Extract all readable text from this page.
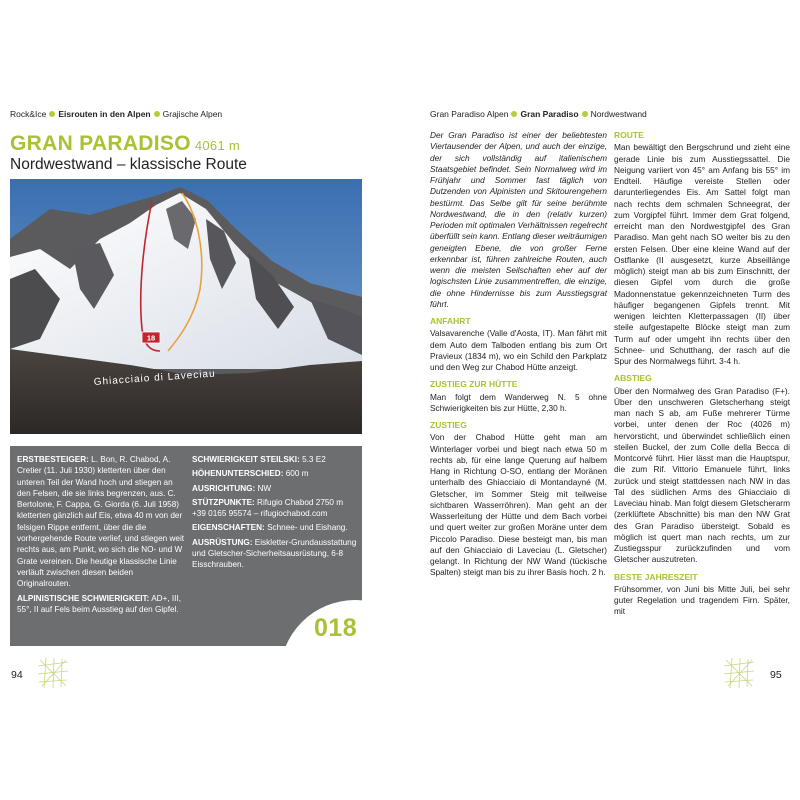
Rock&Ice Eisrouten in den Alpen Grajische Alpen
GRAN PARADISO 4061 m
Nordwestwand – klassische Route
18
Ghiacciaio di Laveciau

ERSTBESTEIGER: L. Bon, R. Chabod, A. Cretier (11. Juli 1930) kletterten über den unteren Teil der Wand hoch und stiegen an den Felsen, die sie links begrenzen, aus. C. Bertolone, F. Cappa, G. Giorda (6. Juli 1958) kletterten gänzlich auf Eis, etwa 40 m von der felsigen Rippe entfernt, über die die vorhergehende Route verlief, und stiegen weit rechts aus, am Punkt, wo sich die NO- und W Grate vereinen. Die heutige klassische Linie verläuft zwischen diesen beiden Originalrouten.

ALPINISTISCHE SCHWIERIGKEIT: AD+, III, 55°, II auf Fels beim Ausstieg auf den Gipfel.

SCHWIERIGKEIT STEILSKI: 5.3 E2

HÖHENUNTERSCHIED: 600 m

AUSRICHTUNG: NW

STÜTZPUNKTE: Rifugio Chabod 2750 m +39 0165 95574 – rifugiochabod.com

EIGENSCHAFTEN: Schnee- und Eishang.

AUSRÜSTUNG: Eiskletter-Grundausstattung und Gletscher-Sicherheitsausrüstung, 6-8 Eisschrauben.

018
94
Gran Paradiso Alpen Gran Paradiso Nordwestwand

Der Gran Paradiso ist einer der beliebtesten Viertausender der Alpen, und auch der einzige, der sich vollständig auf italienischem Staatsgebiet befindet. Sein Normalweg wird im Frühjahr und Sommer fast täglich von Dutzenden von Alpinisten und Skitourengehern bestürmt. Das Selbe gilt für seine berühmte Nordwestwand, die in den (relativ kurzen) Perioden mit optimalen Verhältnissen regelrecht überfüllt sein kann. Entlang dieser weiträumigen geneigten Ebene, die von großer Ferne erkennbar ist, führen zahlreiche Routen, auch wenn die meisten Seilschaften eher auf der logischsten Linie zusammentreffen, die einzige, die ohne Hindernisse bis zum Ausstiegsgrat führt.

ANFAHRT

Valsavarenche (Valle d'Aosta, IT). Man fährt mit dem Auto dem Talboden entlang bis zum Ort Pravieux (1834 m), wo ein Schild den Parkplatz und den Weg zur Chabod Hütte anzeigt.

ZUSTIEG ZUR HÜTTE

Man folgt dem Wanderweg N. 5 ohne Schwierigkeiten bis zur Hütte, 2,30 h.

ZUSTIEG

Von der Chabod Hütte geht man am Winterlager vorbei und biegt nach etwa 50 m rechts ab, für eine lange Querung auf halbem Hang in Richtung O-SO, entlang der Moränen unterhalb des Ghiacciaio di Montandayné (M. Gletscher, im Sommer Steig mit teilweise sichtbaren Wasserröhren). Man geht an der Wasserleitung der Hütte und dem Bach vorbei und quert weiter zur großen Moräne unter dem Piccolo Paradiso. Diese besteigt man, bis man auf den Ghiacciaio di Laveciau (L. Gletscher) gelangt. In Richtung der NW Wand (tückische Spalten) steigt man bis zu ihrer Basis hoch. 2 h.

ROUTE

Man bewältigt den Bergschrund und zieht eine gerade Linie bis zum Ausstiegssattel. Die Neigung variiert von 45° am Anfang bis 55° im Endteil. Häufige vereiste Stellen oder darunterliegendes Eis. Am Sattel folgt man nach rechts dem schmalen Schneegrat, der zum Vorgipfel führt. Immer dem Grat folgend, erreicht man den Nordwestgipfel des Gran Paradiso. Man geht nach SO weiter bis zu den ersten Felsen. Über eine kleine Wand auf der Ostflanke (II ausgesetzt, kurze Abseillänge möglich) steigt man ab bis zum Einschnitt, der diesen Gipfel vom durch die große Madonnenstatue gekennzeichneten Turm des häufiger begangenen Gipfels trennt. Mit wenigen leichten Kletterpassagen (II) über steile aufgestapelte Blöcke steigt man zum Turm auf oder umgeht ihn rechts über den Schnee- und Schutthang, der rasch auf die Spur des Normalwegs führt. 3-4 h.

ABSTIEG

Über den Normalweg des Gran Paradiso (F+). Über den unschweren Gletscherhang steigt man nach S ab, am Fuße mehrerer Türme vorbei, unter denen der Roc (4026 m) hervorsticht, und überwindet schließlich einen steilen Buckel, der zum Colle della Becca di Montcorvé führt. Hier lässt man die Hauptspur, die zum Rif. Vittorio Emanuele führt, links zurück und steigt stattdessen nach NW in das Tal des südlichen Arms des Ghiacciaio di Laveciau hinab. Man folgt diesem Gletscherarm (zerklüftete Abschnitte) bis man den NW Grat des Gran Paradiso übersteigt. Sobald es möglich ist quert man nach rechts, um zur Zustiegsspur zurückzufinden und vom Gletscher auszutreten.

BESTE JAHRESZEIT

Frühsommer, von Juni bis Mitte Juli, bei sehr guter Regelation und tragendem Firn. Später, mit

95
